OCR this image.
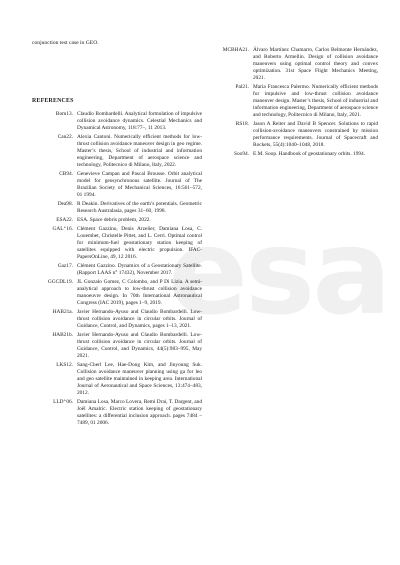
conjunction test case in GEO.
REFERENCES
Bom13. Claudio Bombardelli. Analytical formulation of impulsive collision avoidance dynamics. Celestial Mechanics and Dynamical Astronomy, 118:77–, 11 2013.
Can22. Alexia Cantoni. Numerically efficient methods for low-thrust collision avoidance maneuver design in geo regime. Master’s thesis, School of industrial and information engineering, Department of aerospace science and technology, Politecnico di Milano, Italy, 2022.
CB94. Genevieve Campan and Pascal Brousse. Orbit analytical model for geosynchronous satellite. Journal of The Brazilian Society of Mechanical Sciences, 16:561–572, 01 1994.
Dea98. R Deakin. Derivatives of the earth’s potentials. Geometric Research Australasia, pages 31–60, 1998.
ESA22. ESA. Space debris problem, 2022.
GAL⁺16. Clément Gazzino, Denis Arzelier, Damiana Losa, C. Louembet, Christelle Pittet, and L. Cerri. Optimal control for minimum-fuel geostationary station keeping of satellites equipped with electric propulsion. IFAC-PapersOnLine, 49, 12 2016.
Gaz17. Clément Gazzino. Dynamics of a Geostationary Satellite. (Rapport LAAS n° 17432), November 2017.
GGCDL19. JL Gonzalo Gomez, C Colombo, and P Di Lizia. A semi-analytical approach to low-thrust collision avoidance manoeuvre design. In 70th International Astronautical Congress (IAC 2019), pages 1–9, 2019.
HAB21a. Javier Hernando-Ayuso and Claudio Bombardelli. Low-thrust collision avoidance in circular orbits. Journal of Guidance, Control, and Dynamics, pages 1–13, 2021.
HAB21b. Javier Hernando-Ayuso and Claudio Bombardelli. Low-thrust collision avoidance in circular orbits. Journal of Guidance, Control, and Dynamics, 44(5):983–995, May 2021.
LKS12. Sang-Cherl Lee, Hae-Dong Kim, and Jinyoung Suk. Collision avoidance maneuver planning using ga for leo and geo satellite maintained in keeping area. International Journal of Aeronautical and Space Sciences, 13:474–483, 2012.
LLD⁺06. Damiana Losa, Marco Lovera, Remi Drai, T. Dargent, and Joël Amalric. Electric station keeping of geostationary satellites: a differential inclusion approach. pages 7484 – 7489, 01 2006.
MCBHA21. Álvaro Martínez Chamarro, Carlos Belmonte Hernández, and Roberto Armellin. Design of collision avoidance maneuvers using optimal control theory and convex optimization. 31st Space Flight Mechanics Meeting, 2021.
Pal21. Maria Francesca Palermo. Numerically efficient methods for impulsive and low-thrust collision avoidance maneuver design. Master’s thesis, School of industrial and information engineering, Department of aerospace science and technology, Politecnico di Milano, Italy, 2021.
RS18. Jason A Reiter and David B Spencer. Solutions to rapid collision-avoidance maneuvers constrained by mission performance requirements. Journal of Spacecraft and Rockets, 55(4):1040–1048, 2018.
Soo94. E.M. Soop. Handbook of geostationary orbits. 1994.
esa
